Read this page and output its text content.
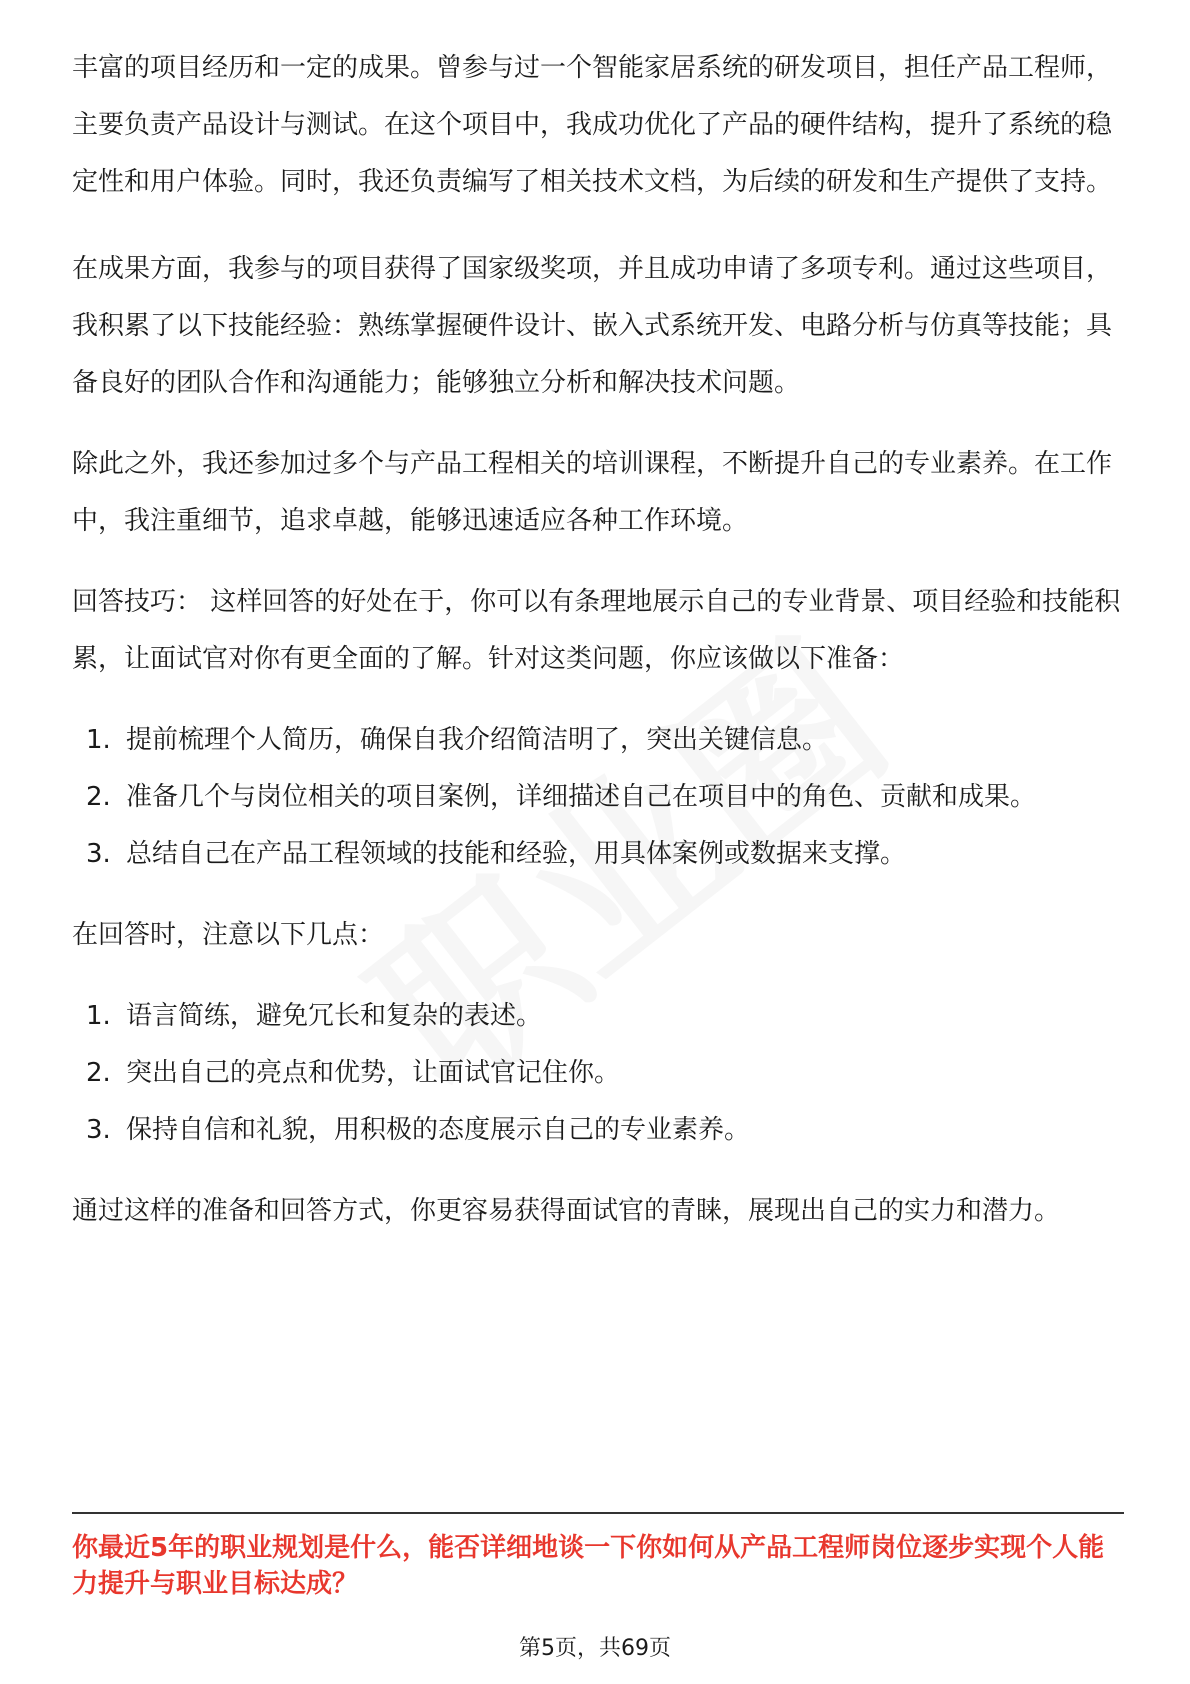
丰富的项目经历和一定的成果。曾参与过一个智能家居系统的研发项目，担任产品工程师，主要负责产品设计与测试。在这个项目中，我成功优化了产品的硬件结构，提升了系统的稳定性和用户体验。同时，我还负责编写了相关技术文档，为后续的研发和生产提供了支持。

在成果方面，我参与的项目获得了国家级奖项，并且成功申请了多项专利。通过这些项目，我积累了以下技能经验：熟练掌握硬件设计、嵌入式系统开发、电路分析与仿真等技能；具备良好的团队合作和沟通能力；能够独立分析和解决技术问题。

除此之外，我还参加过多个与产品工程相关的培训课程，不断提升自己的专业素养。在工作中，我注重细节，追求卓越，能够迅速适应各种工作环境。

回答技巧： 这样回答的好处在于，你可以有条理地展示自己的专业背景、项目经验和技能积累，让面试官对你有更全面的了解。针对这类问题，你应该做以下准备：

1. 提前梳理个人简历，确保自我介绍简洁明了，突出关键信息。
2. 准备几个与岗位相关的项目案例，详细描述自己在项目中的角色、贡献和成果。
3. 总结自己在产品工程领域的技能和经验，用具体案例或数据来支撑。

在回答时，注意以下几点：

1. 语言简练，避免冗长和复杂的表述。
2. 突出自己的亮点和优势，让面试官记住你。
3. 保持自信和礼貌，用积极的态度展示自己的专业素养。

通过这样的准备和回答方式，你更容易获得面试官的青睐，展现出自己的实力和潜力。

你最近5年的职业规划是什么，能否详细地谈一下你如何从产品工程师岗位逐步实现个人能力提升与职业目标达成？

第5页，共69页
